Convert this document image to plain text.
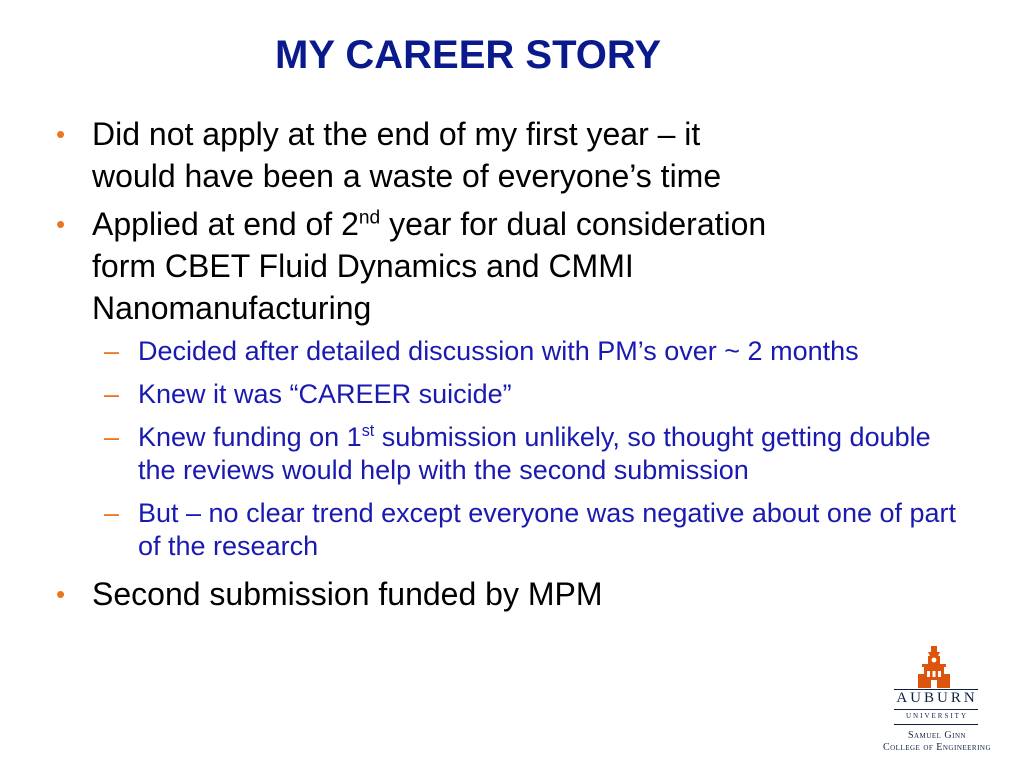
MY CAREER STORY
• Did not apply at the end of my first year – it
would have been a waste of everyone’s time
• Applied at end of 2nd year for dual consideration
form CBET Fluid Dynamics and CMMI
Nanomanufacturing
– Decided after detailed discussion with PM’s over ~ 2 months
– Knew it was “CAREER suicide”
– Knew funding on 1st submission unlikely, so thought getting double the reviews would help with the second submission
– But – no clear trend except everyone was negative about one of part of the research
• Second submission funded by MPM
AUBURN
UNIVERSITY
Samuel Ginn
College of Engineering
